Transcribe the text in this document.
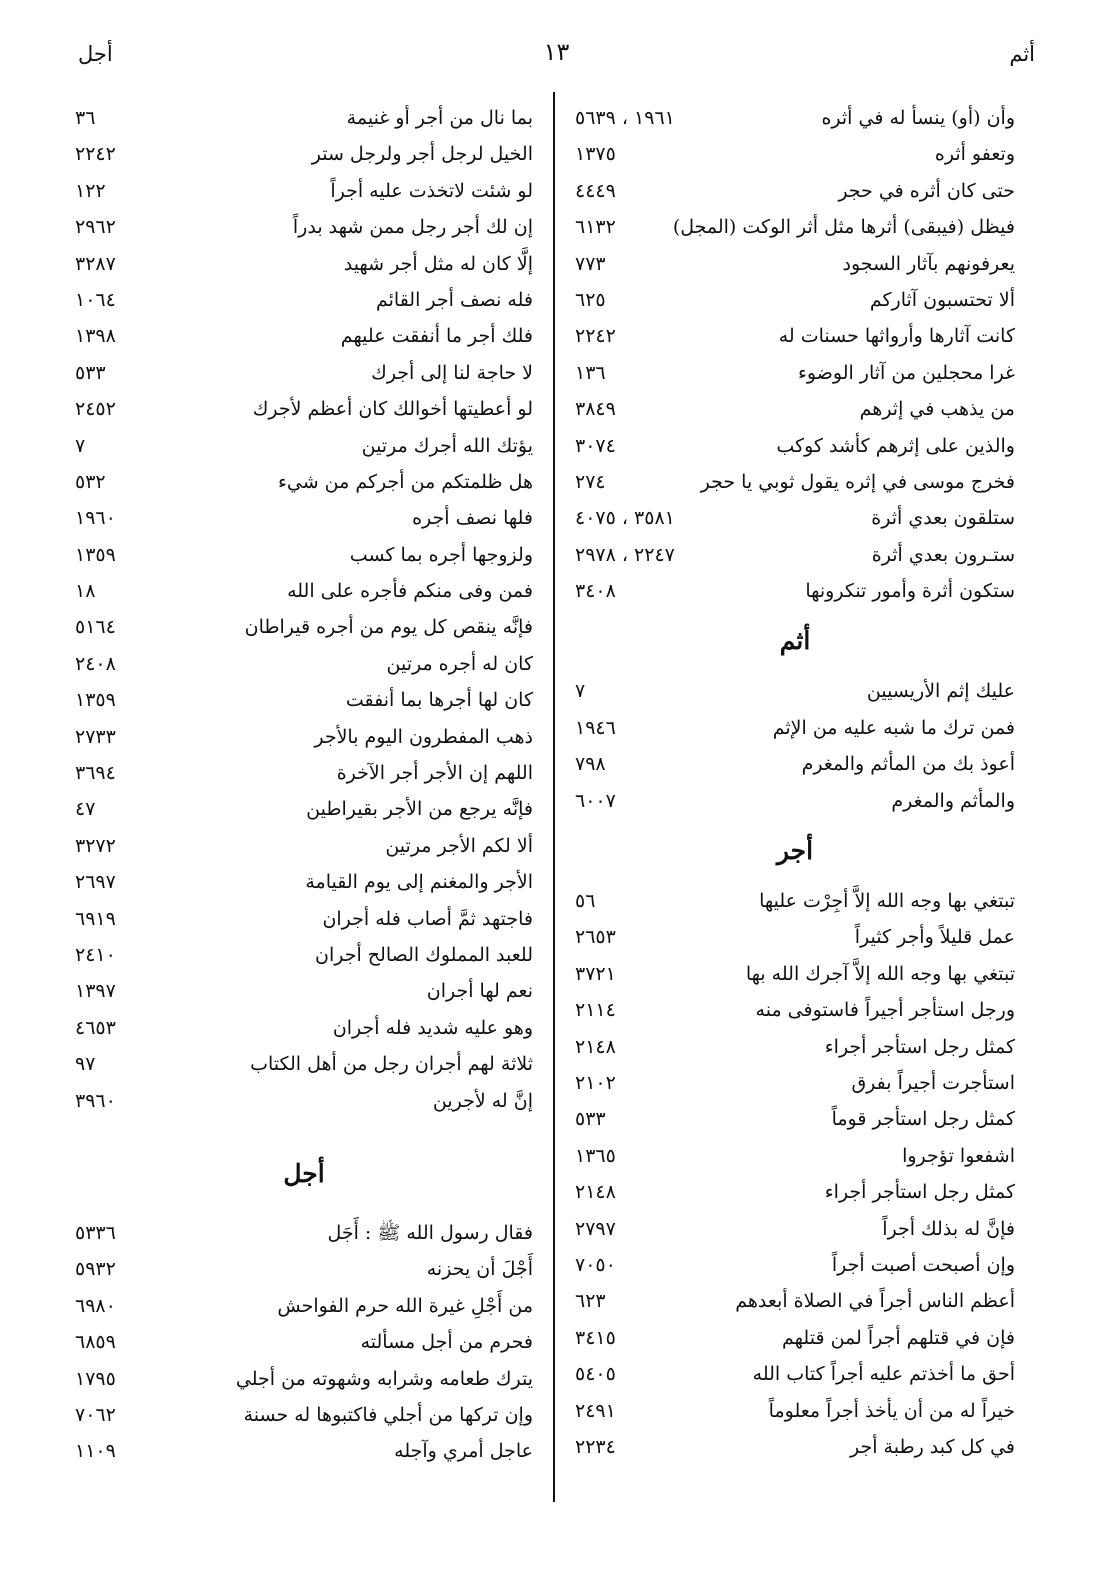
أجل	١٣	أثم
وأن (أو) ينسأ له في أثره
١٩٦١ ، ٥٦٣٩
وتعفو أثره
١٣٧٥
حتى كان أثره في حجر
٤٤٤٩
فيظل (فيبقى) أثرها مثل أثر الوكت (المجل)
٦١٣٢
يعرفونهم بآثار السجود
٧٧٣
ألا تحتسبون آثاركم
٦٢٥
كانت آثارها وأرواثها حسنات له
٢٢٤٢
غرا محجلين من آثار الوضوء
١٣٦
من يذهب في إثرهم
٣٨٤٩
والذين على إثرهم كأشد كوكب
٣٠٧٤
فخرج موسى في إثره يقول ثوبي يا حجر
٢٧٤
ستلقون بعدي أثرة
٣٥٨١ ، ٤٠٧٥
ستـرون بعدي أثرة
٢٢٤٧ ، ٢٩٧٨
ستكون أثرة وأمور تنكرونها
٣٤٠٨
أثم
عليك إثم الأريسيين
٧
فمن ترك ما شبه عليه من الإثم
١٩٤٦
أعوذ بك من المأثم والمغرم
٧٩٨
والمأثم والمغرم
٦٠٠٧
أجر
تبتغي بها وجه الله إلاَّ أجِرْت عليها
٥٦
عمل قليلاً وأجر كثيراً
٢٦٥٣
تبتغي بها وجه الله إلاَّ آجرك الله بها
٣٧٢١
ورجل استأجر أجيراً فاستوفى منه
٢١١٤
كمثل رجل استأجر أجراء
٢١٤٨
استأجرت أجيراً بفرق
٢١٠٢
كمثل رجل استأجر قوماً
٥٣٣
اشفعوا تؤجروا
١٣٦٥
كمثل رجل استأجر أجراء
٢١٤٨
فإنَّ له بذلك أجراً
٢٧٩٧
وإن أصبحت أصبت أجراً
٧٠٥٠
أعظم الناس أجراً في الصلاة أبعدهم
٦٢٣
فإن في قتلهم أجراً لمن قتلهم
٣٤١٥
أحق ما أخذتم عليه أجراً كتاب الله
٥٤٠٥
خيراً له من أن يأخذ أجراً معلوماً
٢٤٩١
في كل كبد رطبة أجر
٢٢٣٤
بما نال من أجر أو غنيمة
٣٦
الخيل لرجل أجر ولرجل ستر
٢٢٤٢
لو شئت لاتخذت عليه أجراً
١٢٢
إن لك أجر رجل ممن شهد بدراً
٢٩٦٢
إلَّا كان له مثل أجر شهيد
٣٢٨٧
فله نصف أجر القائم
١٠٦٤
فلك أجر ما أنفقت عليهم
١٣٩٨
لا حاجة لنا إلى أجرك
٥٣٣
لو أعطيتها أخوالك كان أعظم لأجرك
٢٤٥٢
يؤتك الله أجرك مرتين
٧
هل ظلمتكم من أجركم من شيء
٥٣٢
فلها نصف أجره
١٩٦٠
ولزوجها أجره بما كسب
١٣٥٩
فمن وفى منكم فأجره على الله
١٨
فإنَّه ينقص كل يوم من أجره قيراطان
٥١٦٤
كان له أجره مرتين
٢٤٠٨
كان لها أجرها بما أنفقت
١٣٥٩
ذهب المفطرون اليوم بالأجر
٢٧٣٣
اللهم إن الأجر أجر الآخرة
٣٦٩٤
فإنَّه يرجع من الأجر بقيراطين
٤٧
ألا لكم الأجر مرتين
٣٢٧٢
الأجر والمغنم إلى يوم القيامة
٢٦٩٧
فاجتهد ثمَّ أصاب فله أجران
٦٩١٩
للعبد المملوك الصالح أجران
٢٤١٠
نعم لها أجران
١٣٩٧
وهو عليه شديد فله أجران
٤٦٥٣
ثلاثة لهم أجران رجل من أهل الكتاب
٩٧
إنَّ له لأجرين
٣٩٦٠
أجل
فقال رسول الله ﷺ : أَجَل
٥٣٣٦
أَجْلَ أن يحزنه
٥٩٣٢
من أَجْلِ غيرة الله حرم الفواحش
٦٩٨٠
فحرم من أجل مسألته
٦٨٥٩
يترك طعامه وشرابه وشهوته من أجلي
١٧٩٥
وإن تركها من أجلي فاكتبوها له حسنة
٧٠٦٢
عاجل أمري وآجله
١١٠٩
